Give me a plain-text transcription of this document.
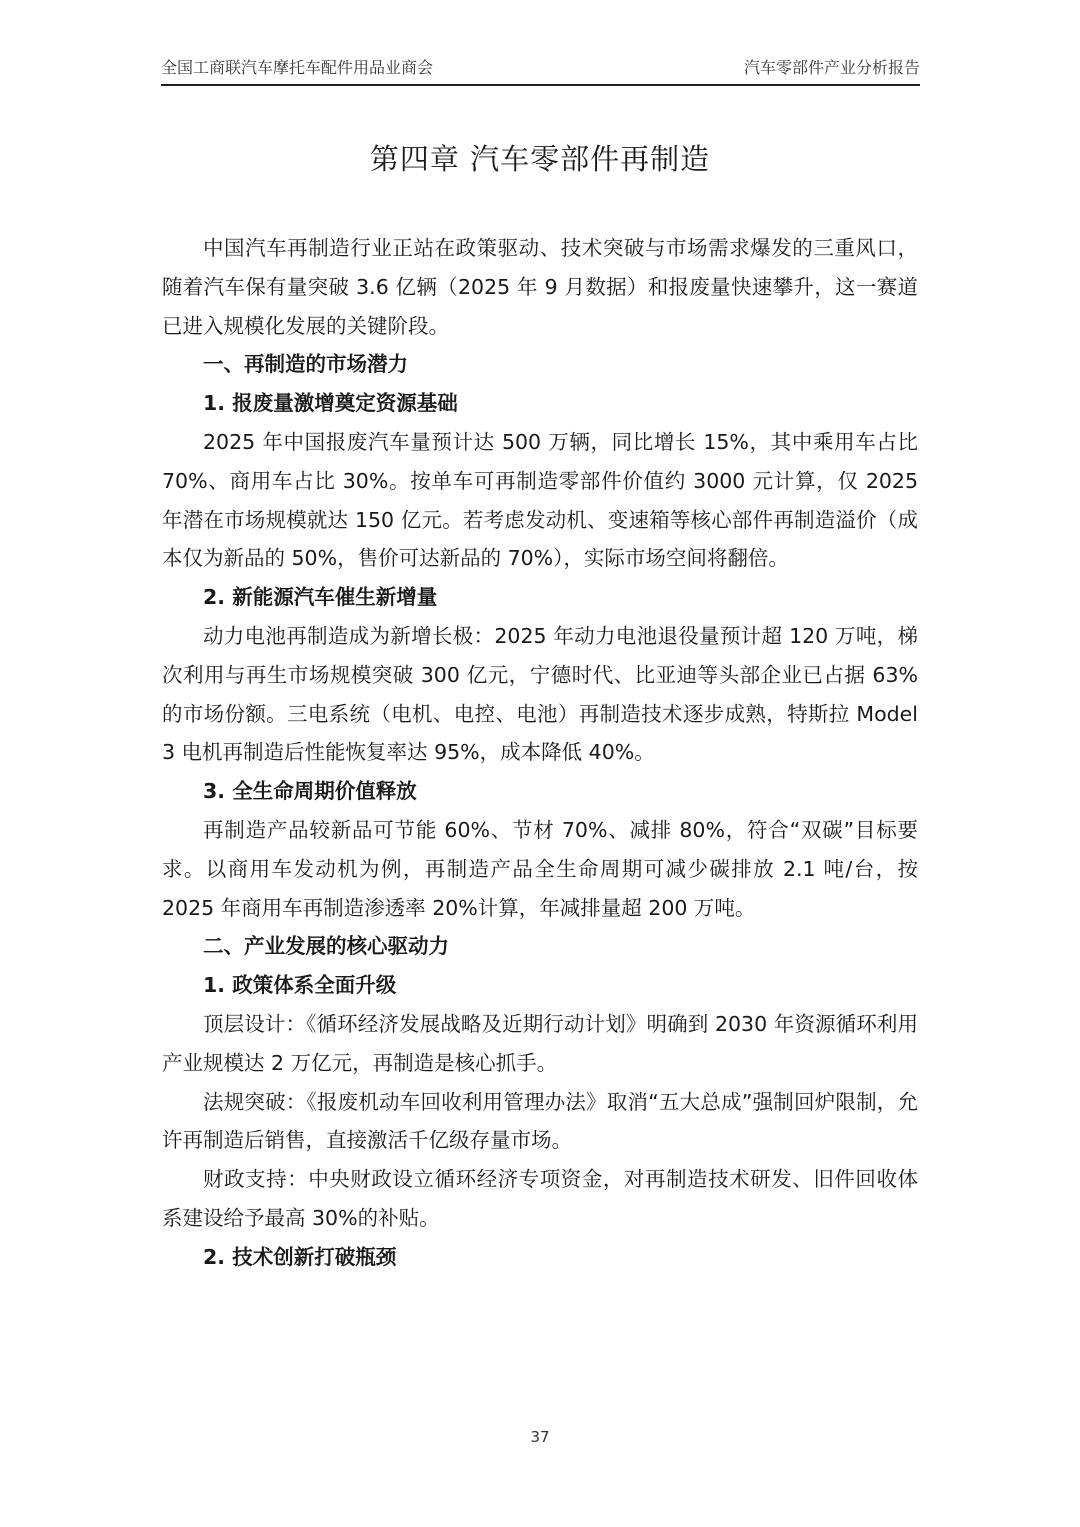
全国工商联汽车摩托车配件用品业商会	汽车零部件产业分析报告
第四章 汽车零部件再制造

中国汽车再制造行业正站在政策驱动、技术突破与市场需求爆发的三重风口，随着汽车保有量突破 3.6 亿辆（2025 年 9 月数据）和报废量快速攀升，这一赛道已进入规模化发展的关键阶段。

一、再制造的市场潜力
1. 报废量激增奠定资源基础

2025 年中国报废汽车量预计达 500 万辆，同比增长 15%，其中乘用车占比 70%、商用车占比 30%。按单车可再制造零部件价值约 3000 元计算，仅 2025 年潜在市场规模就达 150 亿元。若考虑发动机、变速箱等核心部件再制造溢价（成本仅为新品的 50%，售价可达新品的 70%），实际市场空间将翻倍。

2. 新能源汽车催生新增量

动力电池再制造成为新增长极：2025 年动力电池退役量预计超 120 万吨，梯次利用与再生市场规模突破 300 亿元，宁德时代、比亚迪等头部企业已占据 63%的市场份额。三电系统（电机、电控、电池）再制造技术逐步成熟，特斯拉 Model 3 电机再制造后性能恢复率达 95%，成本降低 40%。

3. 全生命周期价值释放

再制造产品较新品可节能 60%、节材 70%、减排 80%，符合“双碳”目标要求。以商用车发动机为例，再制造产品全生命周期可减少碳排放 2.1 吨/台，按 2025 年商用车再制造渗透率 20%计算，年减排量超 200 万吨。

二、产业发展的核心驱动力
1. 政策体系全面升级

顶层设计：《循环经济发展战略及近期行动计划》明确到 2030 年资源循环利用产业规模达 2 万亿元，再制造是核心抓手。

法规突破：《报废机动车回收利用管理办法》取消“五大总成”强制回炉限制，允许再制造后销售，直接激活千亿级存量市场。

财政支持：中央财政设立循环经济专项资金，对再制造技术研发、旧件回收体系建设给予最高 30%的补贴。

2. 技术创新打破瓶颈
37
